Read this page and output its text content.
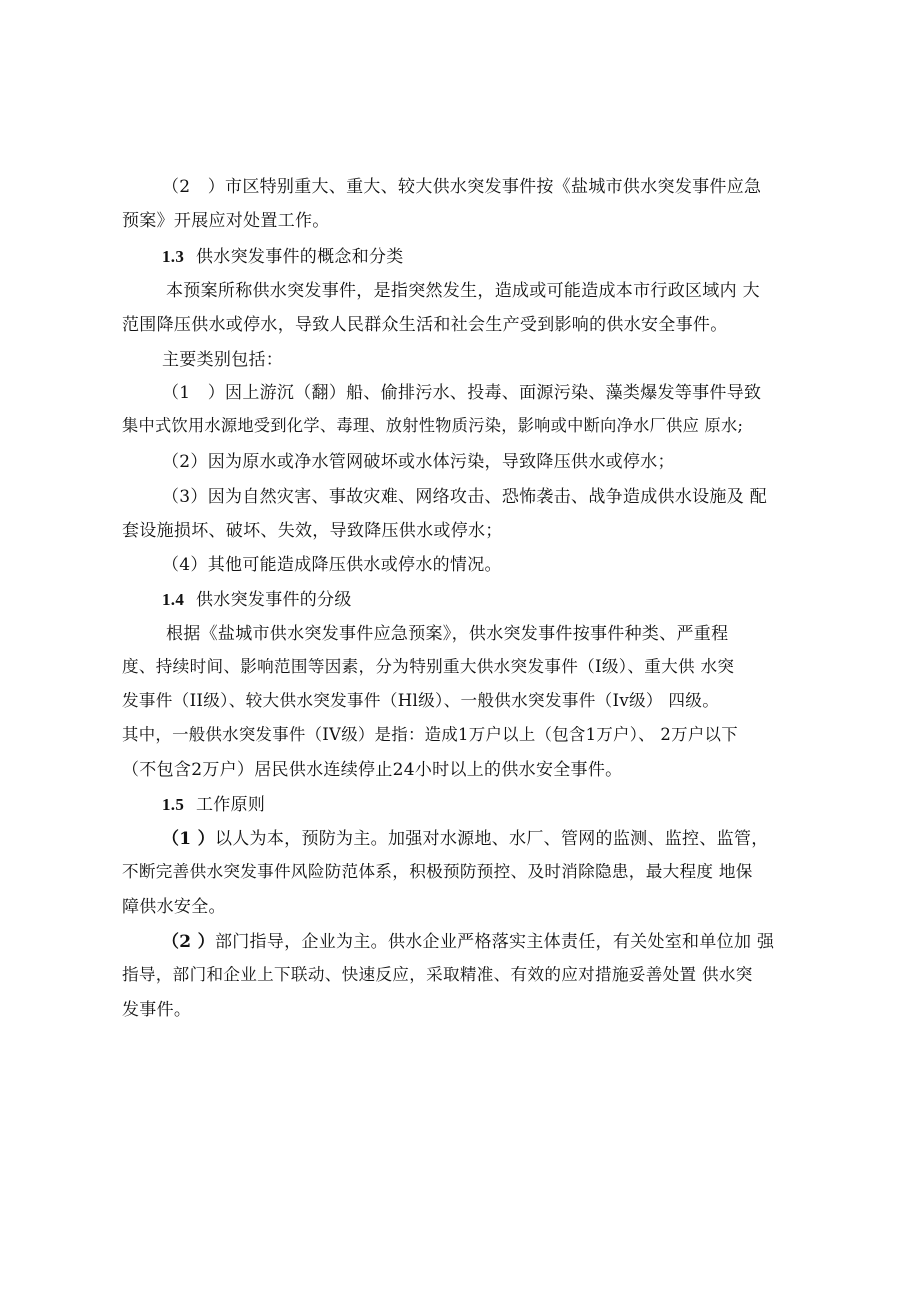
（2　）市区特别重大、重大、较大供水突发事件按《盐城市供水突发事件应急
预案》开展应对处置工作。
1.3 供水突发事件的概念和分类
本预案所称供水突发事件，是指突然发生，造成或可能造成本市行政区域内 大
范围降压供水或停水，导致人民群众生活和社会生产受到影响的供水安全事件。
主要类别包括：
（1　）因上游沉（翻）船、偷排污水、投毒、面源污染、藻类爆发等事件导致
集中式饮用水源地受到化学、毒理、放射性物质污染，影响或中断向净水厂供应 原水;
（2）因为原水或净水管网破坏或水体污染，导致降压供水或停水；
（3）因为自然灾害、事故灾难、网络攻击、恐怖袭击、战争造成供水设施及 配
套设施损坏、破坏、失效，导致降压供水或停水；
（4）其他可能造成降压供水或停水的情况。
1.4 供水突发事件的分级
根据《盐城市供水突发事件应急预案》，供水突发事件按事件种类、严重程
度、持续时间、影响范围等因素，分为特别重大供水突发事件（I级）、重大供 水突
发事件（II级）、较大供水突发事件（Hl级）、一般供水突发事件（Iv级） 四级。
其中，一般供水突发事件（IV级）是指：造成1万户以上（包含1万户）、 2万户以下
（不包含2万户）居民供水连续停止24小时以上的供水安全事件。
1.5 工作原则
（1 ）以人为本，预防为主。加强对水源地、水厂、管网的监测、监控、监管，
不断完善供水突发事件风险防范体系，积极预防预控、及时消除隐患，最大程度 地保
障供水安全。
（2 ）部门指导，企业为主。供水企业严格落实主体责任，有关处室和单位加 强
指导，部门和企业上下联动、快速反应，采取精准、有效的应对措施妥善处置 供水突
发事件。
